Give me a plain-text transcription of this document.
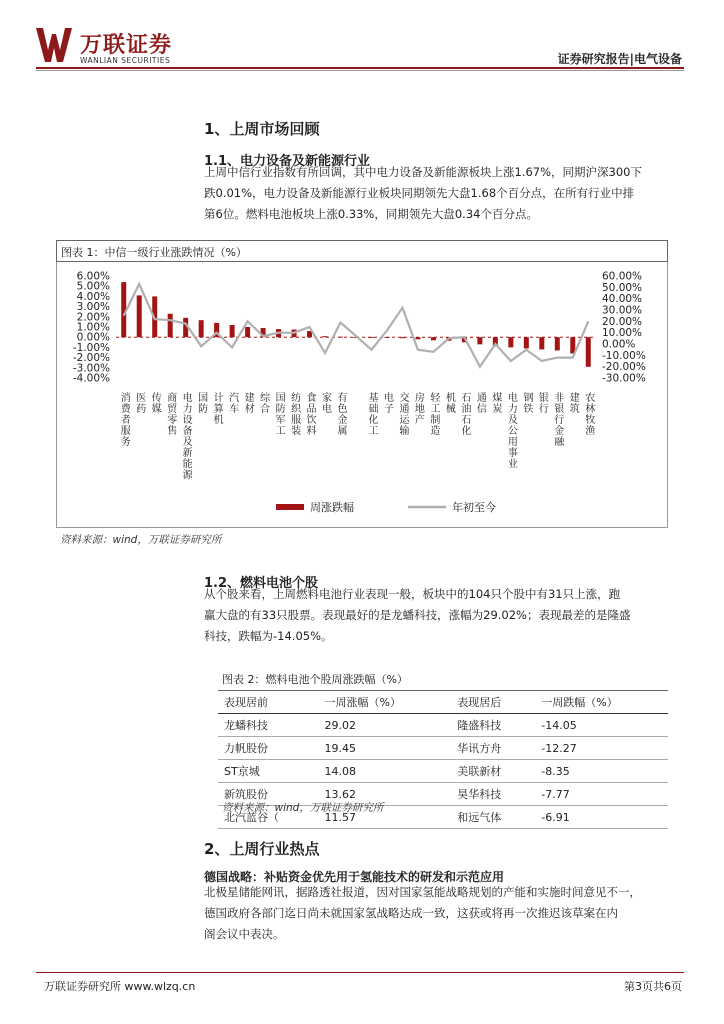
万联证券
WANLIAN SECURITIES	证券研究报告|电气设备
1、上周市场回顾
1.1、电力设备及新能源行业
上周中信行业指数有所回调，其中电力设备及新能源板块上涨1.67%，同期沪深300下
跌0.01%，电力设备及新能源行业板块同期领先大盘1.68个百分点，在所有行业中排
第6位。燃料电池板块上涨0.33%，同期领先大盘0.34个百分点。
图表 1：中信一级行业涨跌情况（%）
6.00%
5.00%
4.00%
3.00%
2.00%
1.00%
0.00%
-1.00%
-2.00%
-3.00%
-4.00%
60.00%
50.00%
40.00%
30.00%
20.00%
10.00%
0.00%
-10.00%
-20.00%
-30.00%
消费者服务 医药 传媒 商贸零售 电力设备及新能源 国防 计算机 汽车 建材 综合 国防军工 纺织服装 食品饮料 家电 有色金属 基础化工 电子 交通运输 房地产 轻工制造 机械 石油石化 通信 煤炭 电力及公用事业 钢铁 银行 非银行金融 建筑 农林牧渔
周涨跌幅	年初至今
资料来源：wind，万联证券研究所
1.2、燃料电池个股
从个股来看，上周燃料电池行业表现一般，板块中的104只个股中有31只上涨，跑
赢大盘的有33只股票。表现最好的是龙蟠科技，涨幅为29.02%；表现最差的是隆盛
科技，跌幅为-14.05%。
图表 2：燃料电池个股周涨跌幅（%）			
表现居前	一周涨幅（%）	表现居后	一周跌幅（%）
龙蟠科技	29.02	隆盛科技	-14.05
力帆股份	19.45	华讯方舟	-12.27
ST京城	14.08	美联新材	-8.35
新筑股份	13.62	昊华科技	-7.77
北汽蓝谷（	11.57	和远气体	-6.91
资料来源：wind，万联证券研究所
2、上周行业热点
德国战略：补贴资金优先用于氢能技术的研发和示范应用
北极星储能网讯，据路透社报道，因对国家氢能战略规划的产能和实施时间意见不一，
德国政府各部门迄日尚未就国家氢战略达成一致，这获或将再一次推迟该草案在内
阁会议中表决。
万联证券研究所 www.wlzq.cn	第3页共6页
